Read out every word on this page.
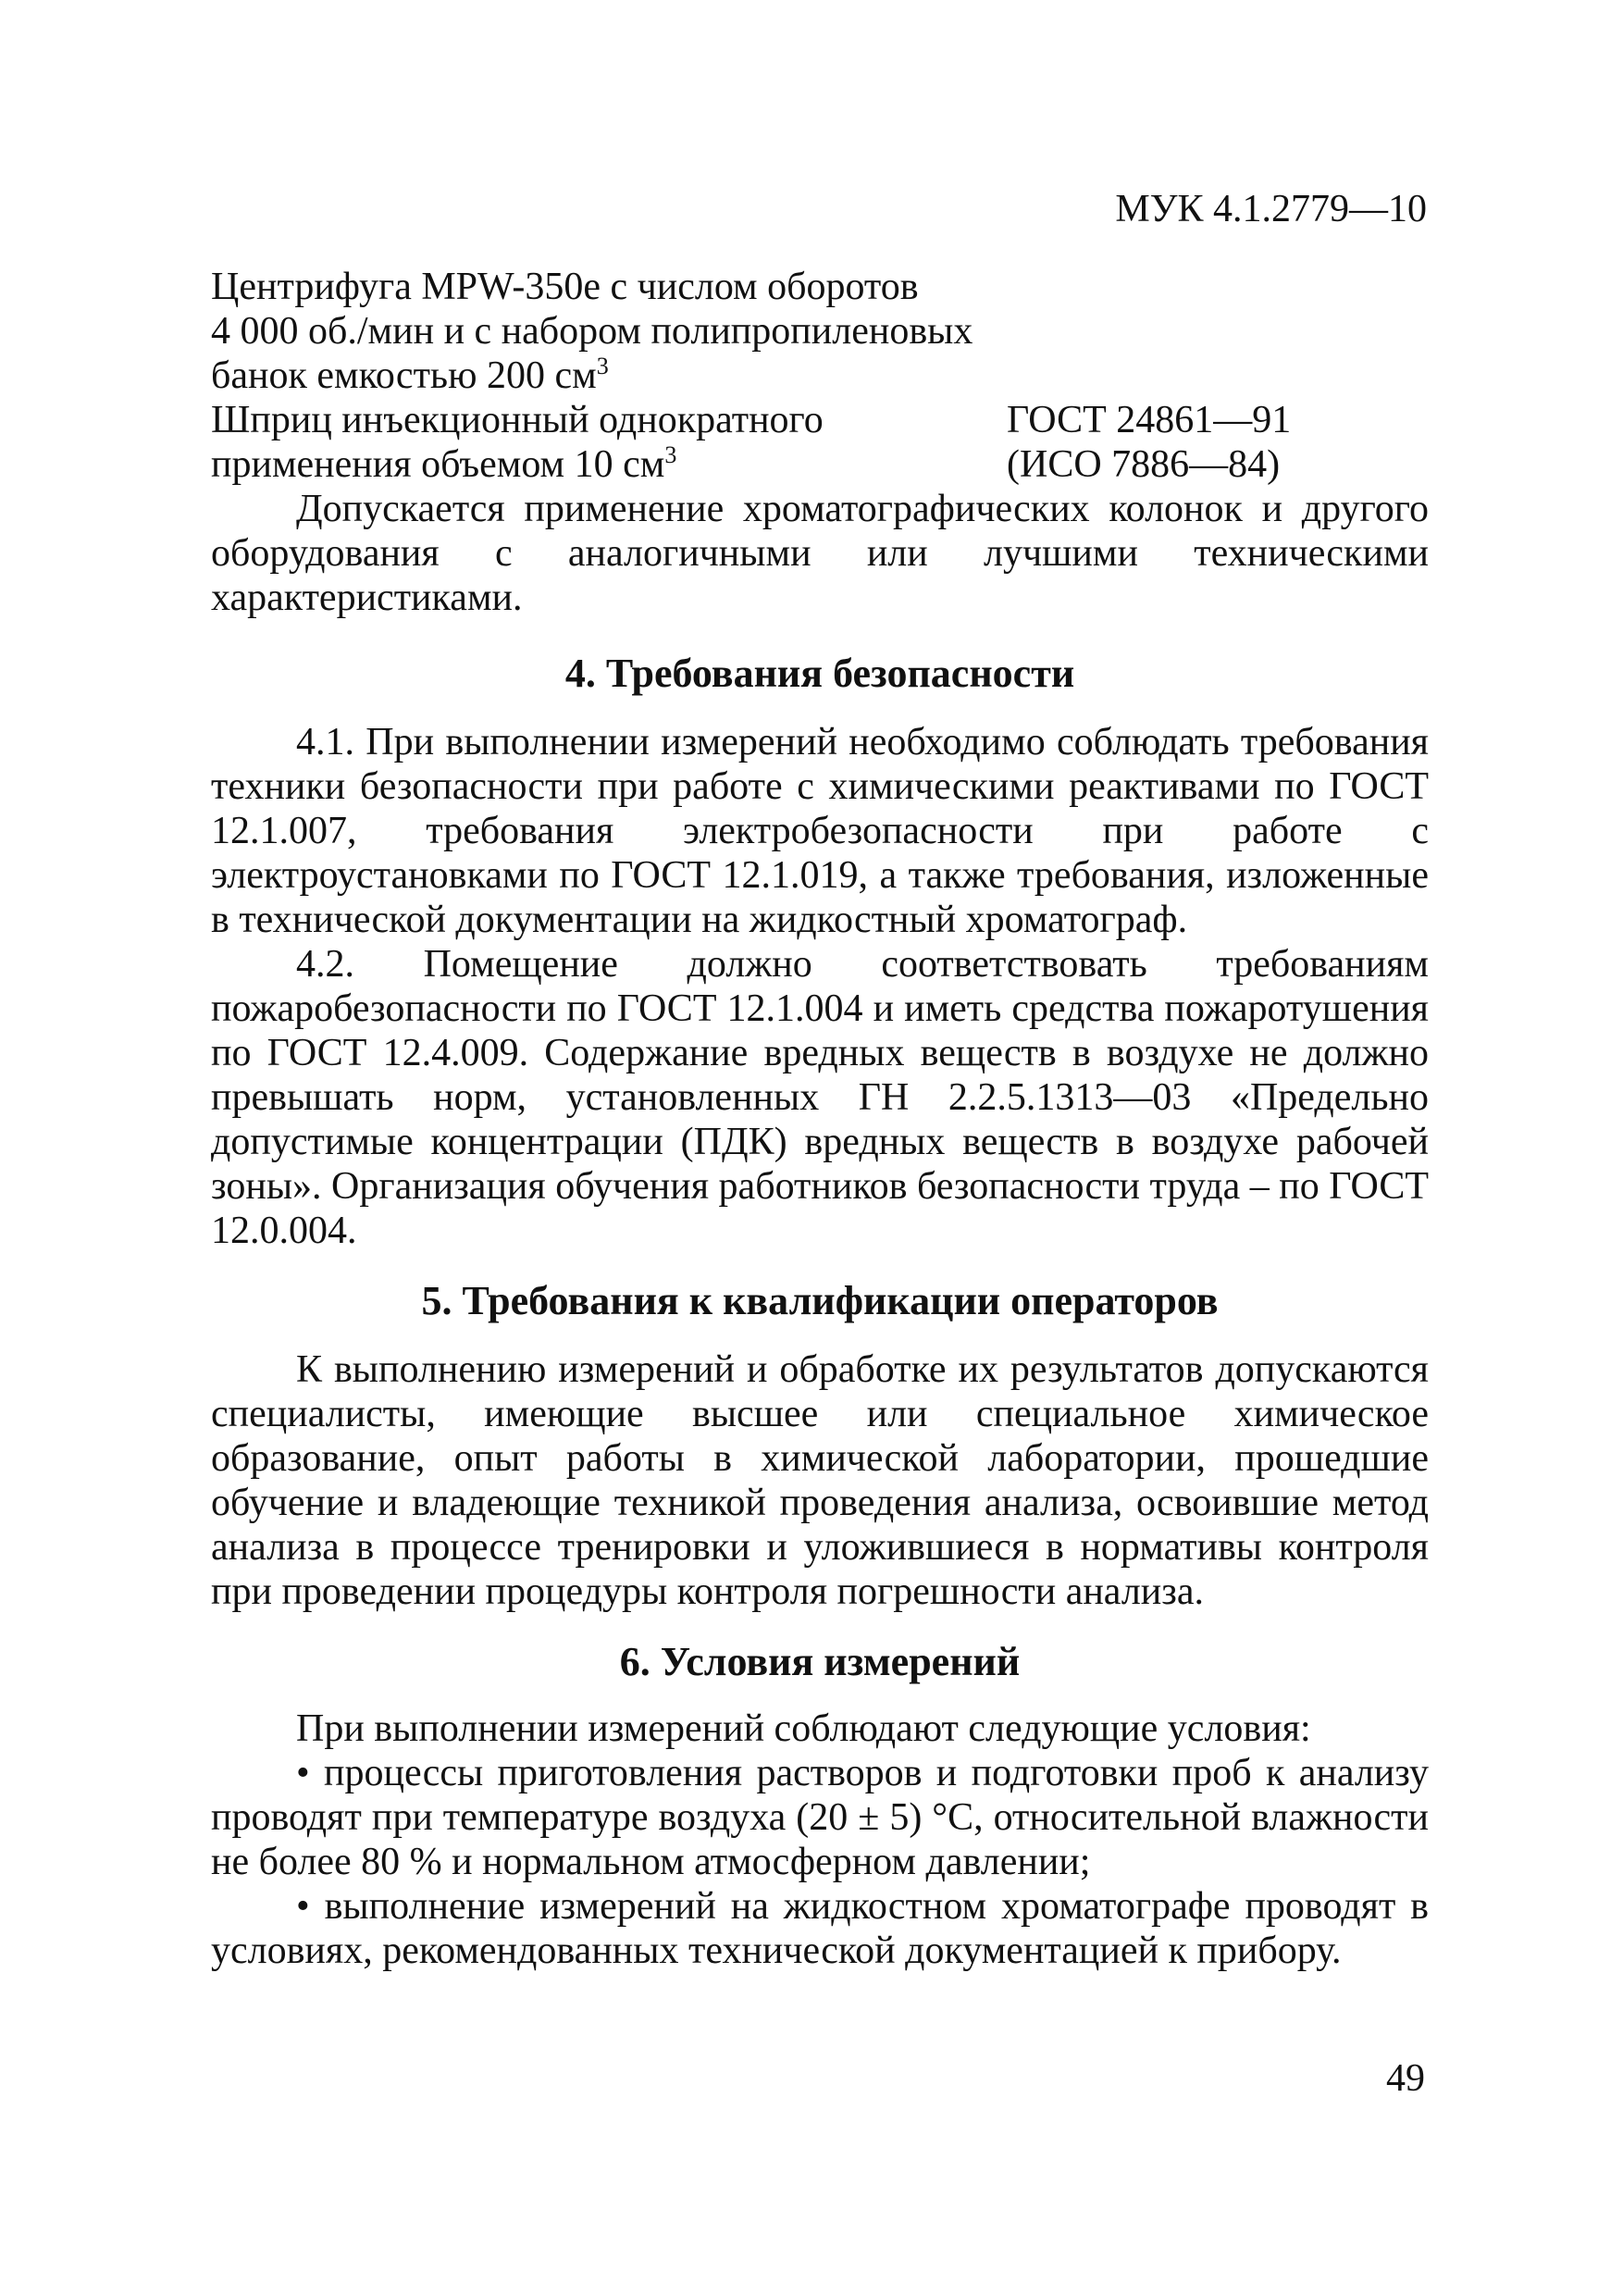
МУК 4.1.2779—10
Центрифуга MPW-350е с числом оборотов
4 000 об./мин и с набором полипропиленовых
банок емкостью 200 $см^3$
Шприц инъекционный однократного
применения объемом 10 $см^3$
ГОСТ 24861—91
(ИСО 7886—84)

Допускается применение хроматографических колонок и другого оборудования с аналогичными или лучшими техническими характеристиками.

4. Требования безопасности

4.1. При выполнении измерений необходимо соблюдать требования техники безопасности при работе с химическими реактивами по ГОСТ 12.1.007, требования электробезопасности при работе с электроустановками по ГОСТ 12.1.019, а также требования, изложенные в технической документации на жидкостный хроматограф.

4.2. Помещение должно соответствовать требованиям пожаробезопасности по ГОСТ 12.1.004 и иметь средства пожаротушения по ГОСТ 12.4.009. Содержание вредных веществ в воздухе не должно превышать норм, установленных ГН 2.2.5.1313—03 «Предельно допустимые концентрации (ПДК) вредных веществ в воздухе рабочей зоны». Организация обучения работников безопасности труда – по ГОСТ 12.0.004.

5. Требования к квалификации операторов

К выполнению измерений и обработке их результатов допускаются специалисты, имеющие высшее или специальное химическое образование, опыт работы в химической лаборатории, прошедшие обучение и владеющие техникой проведения анализа, освоившие метод анализа в процессе тренировки и уложившиеся в нормативы контроля при проведении процедуры контроля погрешности анализа.

6. Условия измерений

При выполнении измерений соблюдают следующие условия:

• процессы приготовления растворов и подготовки проб к анализу проводят при температуре воздуха (20 ± 5) °С, относительной влажности не более 80 % и нормальном атмосферном давлении;

• выполнение измерений на жидкостном хроматографе проводят в условиях, рекомендованных технической документацией к прибору.

49
